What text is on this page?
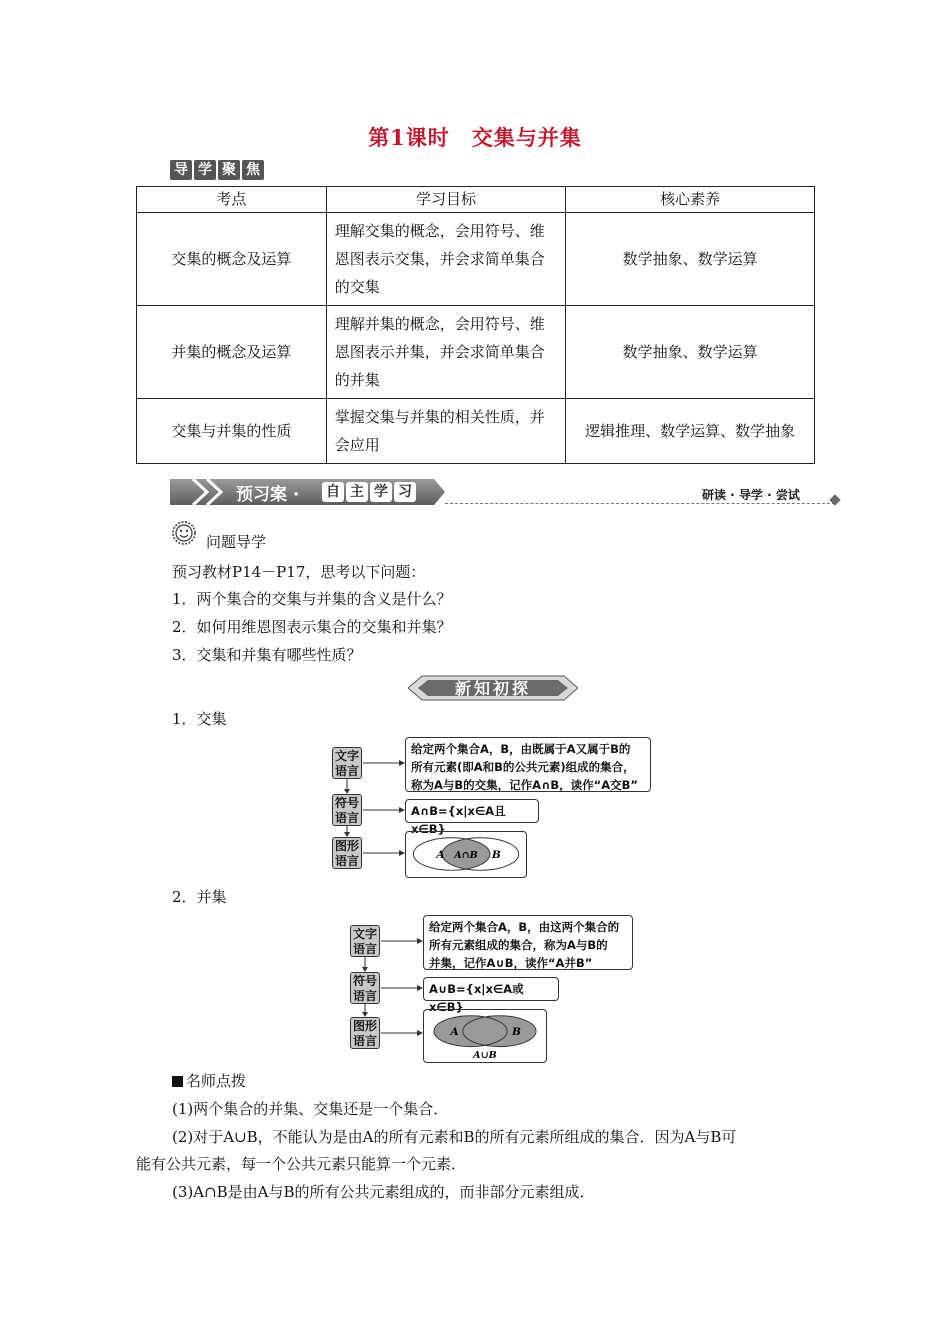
第1课时 交集与并集
导 学 聚 焦
考点	学习目标	核心素养
交集的概念及运算	理解交集的概念，会用符号、维恩图表示交集，并会求简单集合的交集	数学抽象、数学运算
并集的概念及运算	理解并集的概念，会用符号、维恩图表示并集，并会求简单集合的并集	数学抽象、数学运算
交集与并集的性质	掌握交集与并集的相关性质，并会应用	逻辑推理、数学运算、数学抽象
预习案 · 自 主 学 习	研读 · 导学 · 尝试
问题导学
预习教材P14－P17，思考以下问题：
1．两个集合的交集与并集的含义是什么？
2．如何用维恩图表示集合的交集和并集？
3．交集和并集有哪些性质？
新知初探
1．交集
文字语言
符号语言
图形语言
给定两个集合A，B，由既属于A又属于B的
所有元素(即A和B的公共元素)组成的集合，
称为A与B的交集，记作A∩B，读作“A交B”
A∩B={x|x∈A且x∈B}
A A∩B B
2．并集
文字语言
符号语言
图形语言
给定两个集合A，B，由这两个集合的
所有元素组成的集合，称为A与B的
并集，记作A∪B，读作“A并B”
A∪B={x|x∈A或x∈B}
A	B
A∪B
名师点拨
(1)两个集合的并集、交集还是一个集合．
(2)对于A∪B，不能认为是由A的所有元素和B的所有元素所组成的集合．因为A与B可
能有公共元素，每一个公共元素只能算一个元素．
(3)A∩B是由A与B的所有公共元素组成的，而非部分元素组成．
